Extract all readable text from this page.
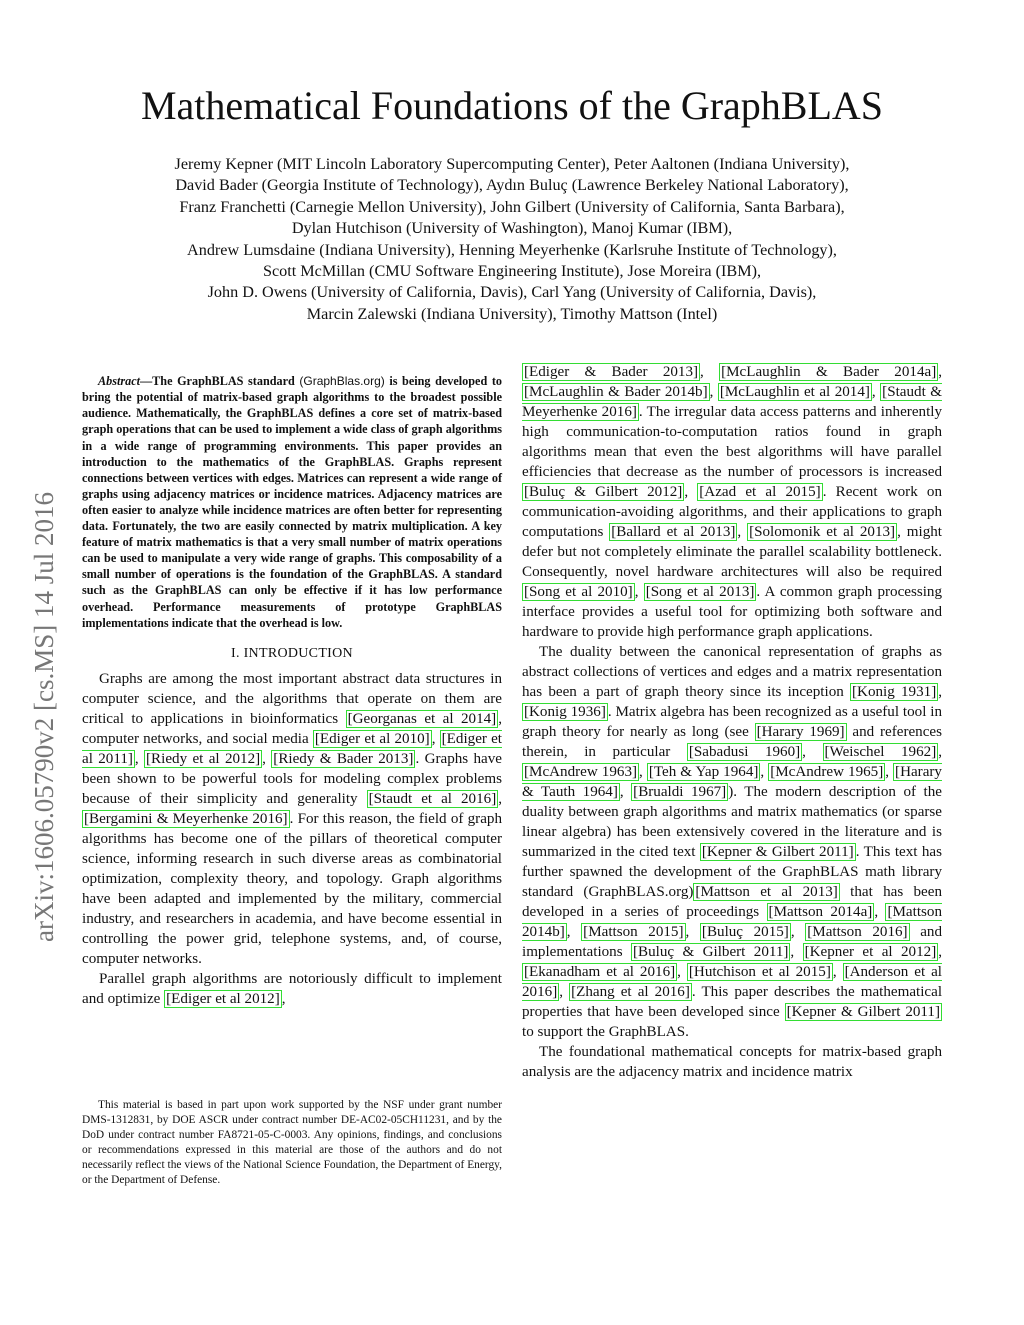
Mathematical Foundations of the GraphBLAS
Jeremy Kepner (MIT Lincoln Laboratory Supercomputing Center), Peter Aaltonen (Indiana University),
David Bader (Georgia Institute of Technology), Aydın Buluç (Lawrence Berkeley National Laboratory),
Franz Franchetti (Carnegie Mellon University), John Gilbert (University of California, Santa Barbara),
Dylan Hutchison (University of Washington), Manoj Kumar (IBM),
Andrew Lumsdaine (Indiana University), Henning Meyerhenke (Karlsruhe Institute of Technology),
Scott McMillan (CMU Software Engineering Institute), Jose Moreira (IBM),
John D. Owens (University of California, Davis), Carl Yang (University of California, Davis),
Marcin Zalewski (Indiana University), Timothy Mattson (Intel)
arXiv:1606.05790v2 [cs.MS] 14 Jul 2016

Abstract—The GraphBLAS standard (GraphBlas.org) is being developed to bring the potential of matrix-based graph algorithms to the broadest possible audience. Mathematically, the GraphBLAS defines a core set of matrix-based graph operations that can be used to implement a wide class of graph algorithms in a wide range of programming environments. This paper provides an introduction to the mathematics of the GraphBLAS. Graphs represent connections between vertices with edges. Matrices can represent a wide range of graphs using adjacency matrices or incidence matrices. Adjacency matrices are often easier to analyze while incidence matrices are often better for representing data. Fortunately, the two are easily connected by matrix multiplication. A key feature of matrix mathematics is that a very small number of matrix operations can be used to manipulate a very wide range of graphs. This composability of a small number of operations is the foundation of the GraphBLAS. A standard such as the GraphBLAS can only be effective if it has low performance overhead. Performance measurements of prototype GraphBLAS implementations indicate that the overhead is low.

I. INTRODUCTION

Graphs are among the most important abstract data structures in computer science, and the algorithms that operate on them are critical to applications in bioinformatics [Georganas et al 2014] , computer networks, and social media [Ediger et al 2010] , [Ediger et al 2011] , [Riedy et al 2012] , [Riedy & Bader 2013] . Graphs have been shown to be powerful tools for modeling complex problems because of their simplicity and generality [Staudt et al 2016] , [Bergamini & Meyerhenke 2016] . For this reason, the field of graph algorithms has become one of the pillars of theoretical computer science, informing research in such diverse areas as combinatorial optimization, complexity theory, and topology. Graph algorithms have been adapted and implemented by the military, commercial industry, and researchers in academia, and have become essential in controlling the power grid, telephone systems, and, of course, computer networks.

Parallel graph algorithms are notoriously difficult to implement and optimize [Ediger et al 2012] ,

This material is based in part upon work supported by the NSF under grant number DMS-1312831, by DOE ASCR under contract number DE-AC02-05CH11231, and by the DoD under contract number FA8721-05-C-0003. Any opinions, findings, and conclusions or recommendations expressed in this material are those of the authors and do not necessarily reflect the views of the National Science Foundation, the Department of Energy, or the Department of Defense.

[Ediger & Bader 2013] , [McLaughlin & Bader 2014a] , [McLaughlin & Bader 2014b] , [McLaughlin et al 2014] , [Staudt & Meyerhenke 2016] . The irregular data access patterns and inherently high communication-to-computation ratios found in graph algorithms mean that even the best algorithms will have parallel efficiencies that decrease as the number of processors is increased [Buluç & Gilbert 2012] , [Azad et al 2015] . Recent work on communication-avoiding algorithms, and their applications to graph computations [Ballard et al 2013] , [Solomonik et al 2013] , might defer but not completely eliminate the parallel scalability bottleneck. Consequently, novel hardware architectures will also be required [Song et al 2010] , [Song et al 2013] . A common graph processing interface provides a useful tool for optimizing both software and hardware to provide high performance graph applications.

The duality between the canonical representation of graphs as abstract collections of vertices and edges and a matrix representation has been a part of graph theory since its inception [Konig 1931] , [Konig 1936] . Matrix algebra has been recognized as a useful tool in graph theory for nearly as long (see [Harary 1969] and references therein, in particular [Sabadusi 1960] , [Weischel 1962] , [McAndrew 1963] , [Teh & Yap 1964] , [McAndrew 1965] , [Harary & Tauth 1964] , [Brualdi 1967] ). The modern description of the duality between graph algorithms and matrix mathematics (or sparse linear algebra) has been extensively covered in the literature and is summarized in the cited text [Kepner & Gilbert 2011] . This text has further spawned the development of the GraphBLAS math library standard (GraphBLAS.org) [Mattson et al 2013] that has been developed in a series of proceedings [Mattson 2014a] , [Mattson 2014b] , [Mattson 2015] , [Buluç 2015] , [Mattson 2016] and implementations [Buluç & Gilbert 2011] , [Kepner et al 2012] , [Ekanadham et al 2016] , [Hutchison et al 2015] , [Anderson et al 2016] , [Zhang et al 2016] . This paper describes the mathematical properties that have been developed since [Kepner & Gilbert 2011] to support the GraphBLAS.

The foundational mathematical concepts for matrix-based graph analysis are the adjacency matrix and incidence matrix
